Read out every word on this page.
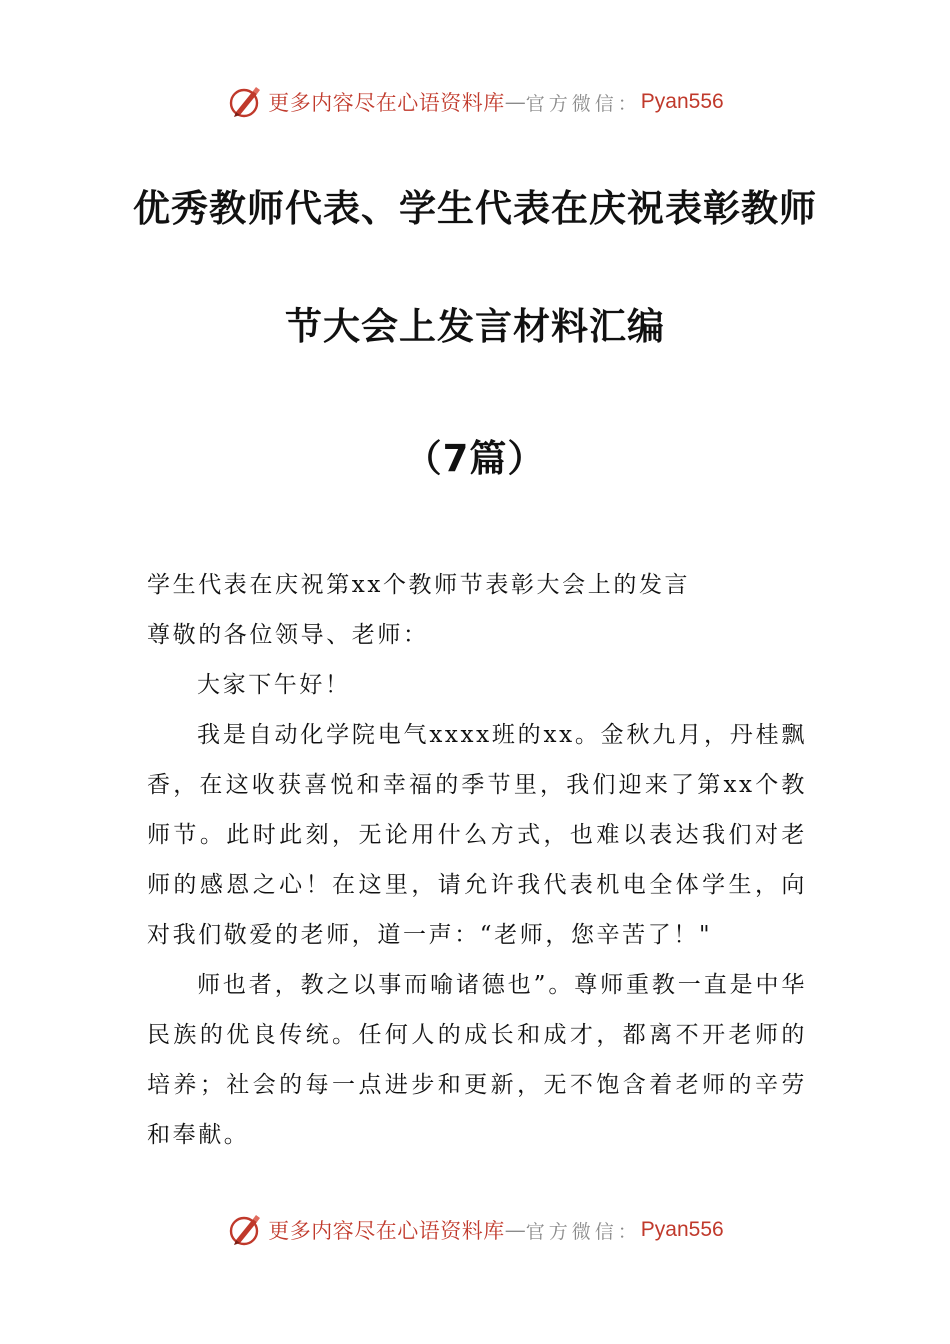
更多内容尽在心语资料库 — 官方微信： Pyan556
优秀教师代表、学生代表在庆祝表彰教师
节大会上发言材料汇编
（7篇）

学生代表在庆祝第xx个教师节表彰大会上的发言

尊敬的各位领导、老师：

大家下午好！

我是自动化学院电气xxxx班的xx。金秋九月，丹桂飘香，在这收获喜悦和幸福的季节里，我们迎来了第xx个教师节。此时此刻，无论用什么方式，也难以表达我们对老师的感恩之心！在这里，请允许我代表机电全体学生，向对我们敬爱的老师，道一声：“老师，您辛苦了！"

师也者，教之以事而喻诸德也”。尊师重教一直是中华民族的优良传统。任何人的成长和成才，都离不开老师的培养；社会的每一点进步和更新，无不饱含着老师的辛劳和奉献。

更多内容尽在心语资料库 — 官方微信： Pyan556
